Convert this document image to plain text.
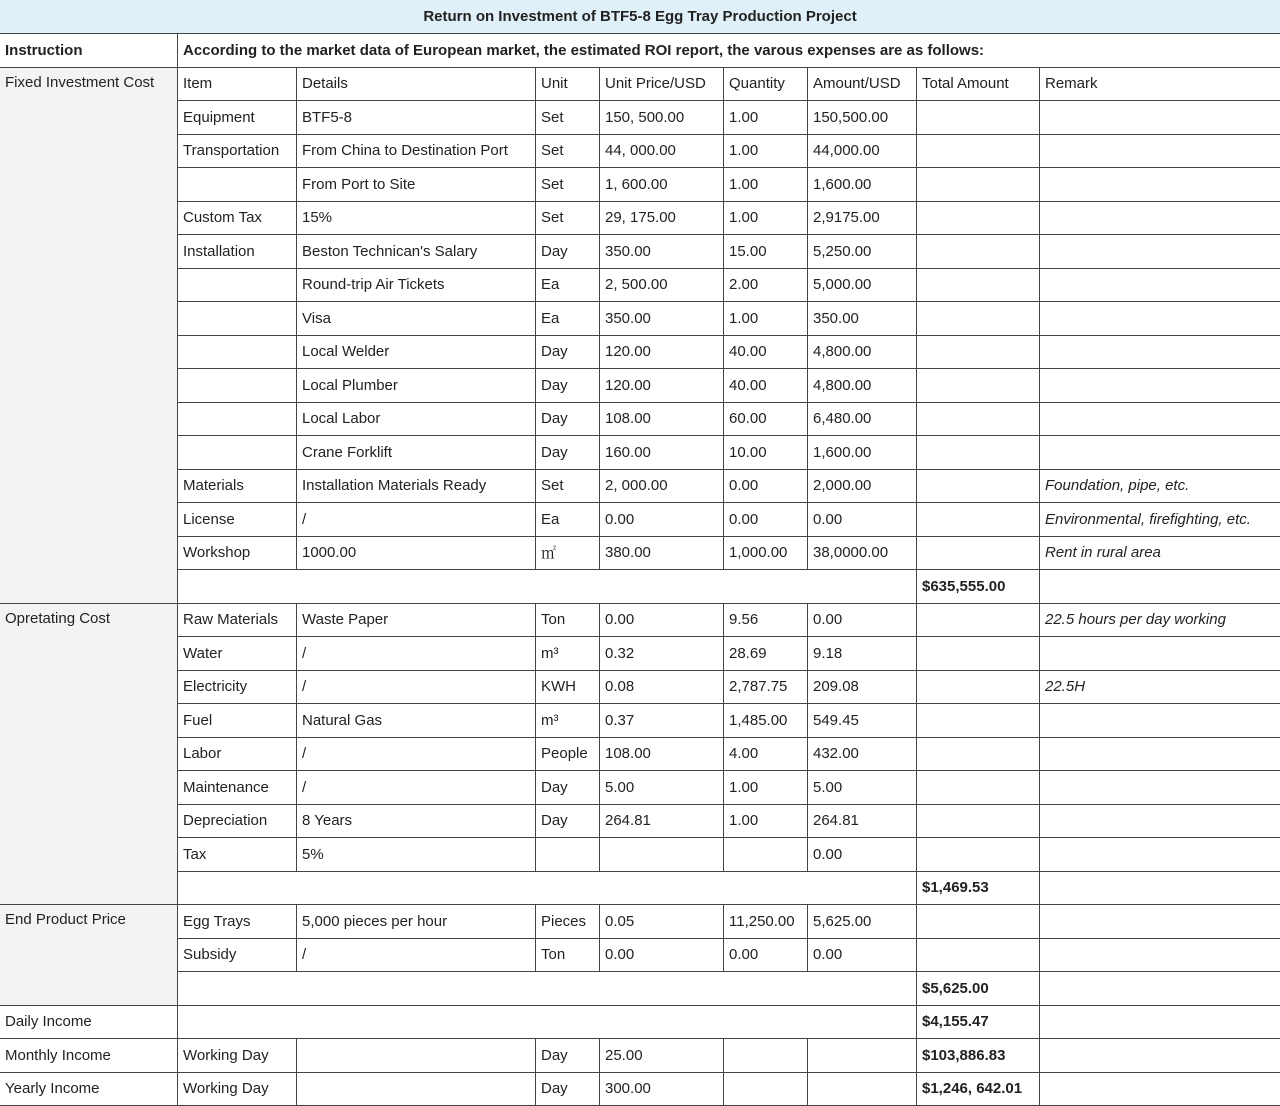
Return on Investment of BTF5-8 Egg Tray Production Project								
Instruction	According to the market data of European market, the estimated ROI report, the varous expenses are as follows:							
Fixed Investment Cost	Item	Details	Unit	Unit Price/USD	Quantity	Amount/USD	Total Amount	Remark
	Equipment	BTF5-8	Set	150, 500.00	1.00	150,500.00		
	Transportation	From China to Destination Port	Set	44, 000.00	1.00	44,000.00		
		From Port to Site	Set	1, 600.00	1.00	1,600.00		
	Custom Tax	15%	Set	29, 175.00	1.00	2,9175.00		
	Installation	Beston Technican's Salary	Day	350.00	15.00	5,250.00		
		Round-trip Air Tickets	Ea	2, 500.00	2.00	5,000.00		
		Visa	Ea	350.00	1.00	350.00		
		Local Welder	Day	120.00	40.00	4,800.00		
		Local Plumber	Day	120.00	40.00	4,800.00		
		Local Labor	Day	108.00	60.00	6,480.00		
		Crane Forklift	Day	160.00	10.00	1,600.00		
	Materials	Installation Materials Ready	Set	2, 000.00	0.00	2,000.00		Foundation, pipe, etc.
	License	/	Ea	0.00	0.00	0.00		Environmental, firefighting, etc.
	Workshop	1000.00	㎡	380.00	1,000.00	38,0000.00		Rent in rural area
							$635,555.00	
Opretating Cost	Raw Materials	Waste Paper	Ton	0.00	9.56	0.00		22.5 hours per day working
	Water	/	m³	0.32	28.69	9.18		
	Electricity	/	KWH	0.08	2,787.75	209.08		22.5H
	Fuel	Natural Gas	m³	0.37	1,485.00	549.45		
	Labor	/	People	108.00	4.00	432.00		
	Maintenance	/	Day	5.00	1.00	5.00		
	Depreciation	8 Years	Day	264.81	1.00	264.81		
	Tax	5%				0.00		
							$1,469.53	
End Product Price	Egg Trays	5,000 pieces per hour	Pieces	0.05	11,250.00	5,625.00		
	Subsidy	/	Ton	0.00	0.00	0.00		
							$5,625.00	
Daily Income							$4,155.47	
Monthly Income	Working Day		Day	25.00			$103,886.83	
Yearly Income	Working Day		Day	300.00			$1,246, 642.01	
